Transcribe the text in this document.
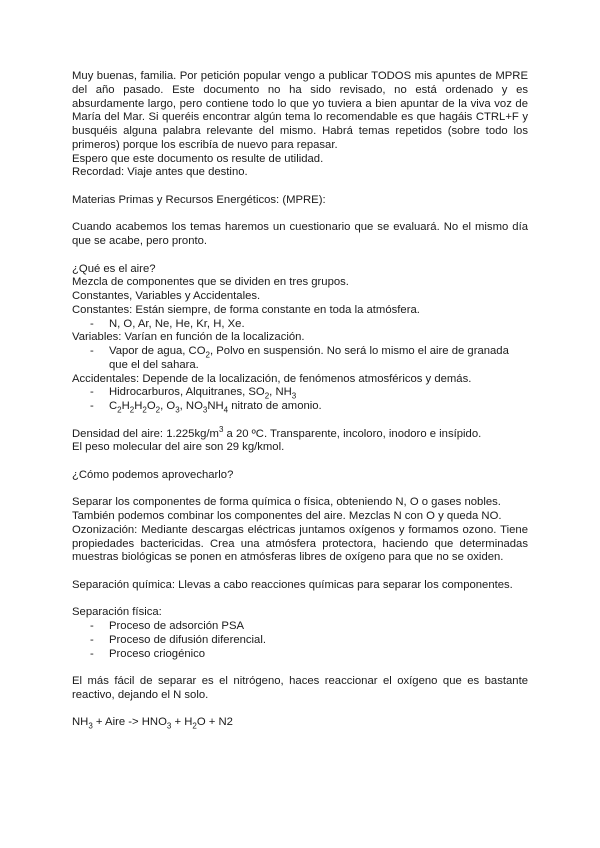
Muy buenas, familia. Por petición popular vengo a publicar TODOS mis apuntes de MPRE del año pasado. Este documento no ha sido revisado, no está ordenado y es absurdamente largo, pero contiene todo lo que yo tuviera a bien apuntar de la viva voz de María del Mar. Si queréis encontrar algún tema lo recomendable es que hagáis CTRL+F y busquéis alguna palabra relevante del mismo. Habrá temas repetidos (sobre todo los primeros) porque los escribía de nuevo para repasar.

Espero que este documento os resulte de utilidad.

Recordad: Viaje antes que destino.

Materias Primas y Recursos Energéticos: (MPRE):

Cuando acabemos los temas haremos un cuestionario que se evaluará. No el mismo día que se acabe, pero pronto.

¿Qué es el aire?

Mezcla de componentes que se dividen en tres grupos.

Constantes, Variables y Accidentales.

Constantes: Están siempre, de forma constante en toda la atmósfera.

-	N, O, Ar, Ne, He, Kr, H, Xe.

Variables: Varían en función de la localización.

-	Vapor de agua, $CO_2$, Polvo en suspensión. No será lo mismo el aire de granada que el del sahara.

Accidentales: Depende de la localización, de fenómenos atmosféricos y demás.

-	Hidrocarburos, Alquitranes, $SO_2$, $NH_3$
-	$C_2H_2H_2O_2$, $O_3$, $NO_3NH_4$ nitrato de amonio.

Densidad del aire: $1.225kg/m^3$ a 20 ºC. Transparente, incoloro, inodoro e insípido.

El peso molecular del aire son 29 kg/kmol.

¿Cómo podemos aprovecharlo?

Separar los componentes de forma química o física, obteniendo N, O o gases nobles.

También podemos combinar los componentes del aire. Mezclas N con O y queda NO.

Ozonización: Mediante descargas eléctricas juntamos oxígenos y formamos ozono. Tiene propiedades bactericidas. Crea una atmósfera protectora, haciendo que determinadas muestras biológicas se ponen en atmósferas libres de oxígeno para que no se oxiden.

Separación química: Llevas a cabo reacciones químicas para separar los componentes.

Separación física:

-	Proceso de adsorción PSA
-	Proceso de difusión diferencial.
-	Proceso criogénico

El más fácil de separar es el nitrógeno, haces reaccionar el oxígeno que es bastante reactivo, dejando el N solo.

$NH_3$ + Aire -> $HNO_3 + H_2O + N2$
